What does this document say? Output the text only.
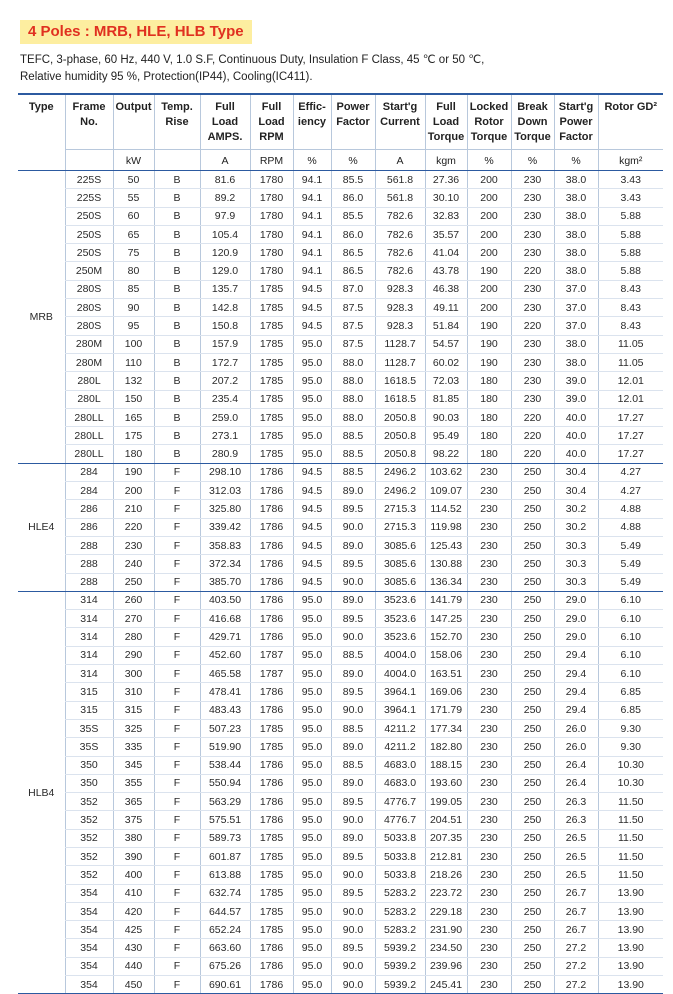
4 Poles : MRB, HLE, HLB Type
TEFC, 3-phase, 60 Hz, 440 V, 1.0 S.F, Continuous Duty, Insulation F Class, 45 ℃ or 50 ℃,
Relative humidity 95 %, Protection(IP44), Cooling(IC411).
Type	Frame No.	Output	Temp. Rise	Full Load AMPS.	Full Load RPM	Effic- iency	Power Factor	Start'g Current	Full Load Torque	Locked Rotor Torque	Break Down Torque	Start'g Power Factor	Rotor GD²
		kW		A	RPM	%	%	A	kgm	%	%	%	kgm²
MRB	225S	50	B	81.6	1780	94.1	85.5	561.8	27.36	200	230	38.0	3.43
	225S	55	B	89.2	1780	94.1	86.0	561.8	30.10	200	230	38.0	3.43
	250S	60	B	97.9	1780	94.1	85.5	782.6	32.83	200	230	38.0	5.88
	250S	65	B	105.4	1780	94.1	86.0	782.6	35.57	200	230	38.0	5.88
	250S	75	B	120.9	1780	94.1	86.5	782.6	41.04	200	230	38.0	5.88
	250M	80	B	129.0	1780	94.1	86.5	782.6	43.78	190	220	38.0	5.88
	280S	85	B	135.7	1785	94.5	87.0	928.3	46.38	200	230	37.0	8.43
	280S	90	B	142.8	1785	94.5	87.5	928.3	49.11	200	230	37.0	8.43
	280S	95	B	150.8	1785	94.5	87.5	928.3	51.84	190	220	37.0	8.43
	280M	100	B	157.9	1785	95.0	87.5	1128.7	54.57	190	230	38.0	11.05
	280M	110	B	172.7	1785	95.0	88.0	1128.7	60.02	190	230	38.0	11.05
	280L	132	B	207.2	1785	95.0	88.0	1618.5	72.03	180	230	39.0	12.01
	280L	150	B	235.4	1785	95.0	88.0	1618.5	81.85	180	230	39.0	12.01
	280LL	165	B	259.0	1785	95.0	88.0	2050.8	90.03	180	220	40.0	17.27
	280LL	175	B	273.1	1785	95.0	88.5	2050.8	95.49	180	220	40.0	17.27
	280LL	180	B	280.9	1785	95.0	88.5	2050.8	98.22	180	220	40.0	17.27
HLE4	284	190	F	298.10	1786	94.5	88.5	2496.2	103.62	230	250	30.4	4.27
	284	200	F	312.03	1786	94.5	89.0	2496.2	109.07	230	250	30.4	4.27
	286	210	F	325.80	1786	94.5	89.5	2715.3	114.52	230	250	30.2	4.88
	286	220	F	339.42	1786	94.5	90.0	2715.3	119.98	230	250	30.2	4.88
	288	230	F	358.83	1786	94.5	89.0	3085.6	125.43	230	250	30.3	5.49
	288	240	F	372.34	1786	94.5	89.5	3085.6	130.88	230	250	30.3	5.49
	288	250	F	385.70	1786	94.5	90.0	3085.6	136.34	230	250	30.3	5.49
HLB4	314	260	F	403.50	1786	95.0	89.0	3523.6	141.79	230	250	29.0	6.10
	314	270	F	416.68	1786	95.0	89.5	3523.6	147.25	230	250	29.0	6.10
	314	280	F	429.71	1786	95.0	90.0	3523.6	152.70	230	250	29.0	6.10
	314	290	F	452.60	1787	95.0	88.5	4004.0	158.06	230	250	29.4	6.10
	314	300	F	465.58	1787	95.0	89.0	4004.0	163.51	230	250	29.4	6.10
	315	310	F	478.41	1786	95.0	89.5	3964.1	169.06	230	250	29.4	6.85
	315	315	F	483.43	1786	95.0	90.0	3964.1	171.79	230	250	29.4	6.85
	35S	325	F	507.23	1785	95.0	88.5	4211.2	177.34	230	250	26.0	9.30
	35S	335	F	519.90	1785	95.0	89.0	4211.2	182.80	230	250	26.0	9.30
	350	345	F	538.44	1786	95.0	88.5	4683.0	188.15	230	250	26.4	10.30
	350	355	F	550.94	1786	95.0	89.0	4683.0	193.60	230	250	26.4	10.30
	352	365	F	563.29	1786	95.0	89.5	4776.7	199.05	230	250	26.3	11.50
	352	375	F	575.51	1786	95.0	90.0	4776.7	204.51	230	250	26.3	11.50
	352	380	F	589.73	1785	95.0	89.0	5033.8	207.35	230	250	26.5	11.50
	352	390	F	601.87	1785	95.0	89.5	5033.8	212.81	230	250	26.5	11.50
	352	400	F	613.88	1785	95.0	90.0	5033.8	218.26	230	250	26.5	11.50
	354	410	F	632.74	1785	95.0	89.5	5283.2	223.72	230	250	26.7	13.90
	354	420	F	644.57	1785	95.0	90.0	5283.2	229.18	230	250	26.7	13.90
	354	425	F	652.24	1785	95.0	90.0	5283.2	231.90	230	250	26.7	13.90
	354	430	F	663.60	1786	95.0	89.5	5939.2	234.50	230	250	27.2	13.90
	354	440	F	675.26	1786	95.0	90.0	5939.2	239.96	230	250	27.2	13.90
	354	450	F	690.61	1786	95.0	90.0	5939.2	245.41	230	250	27.2	13.90
